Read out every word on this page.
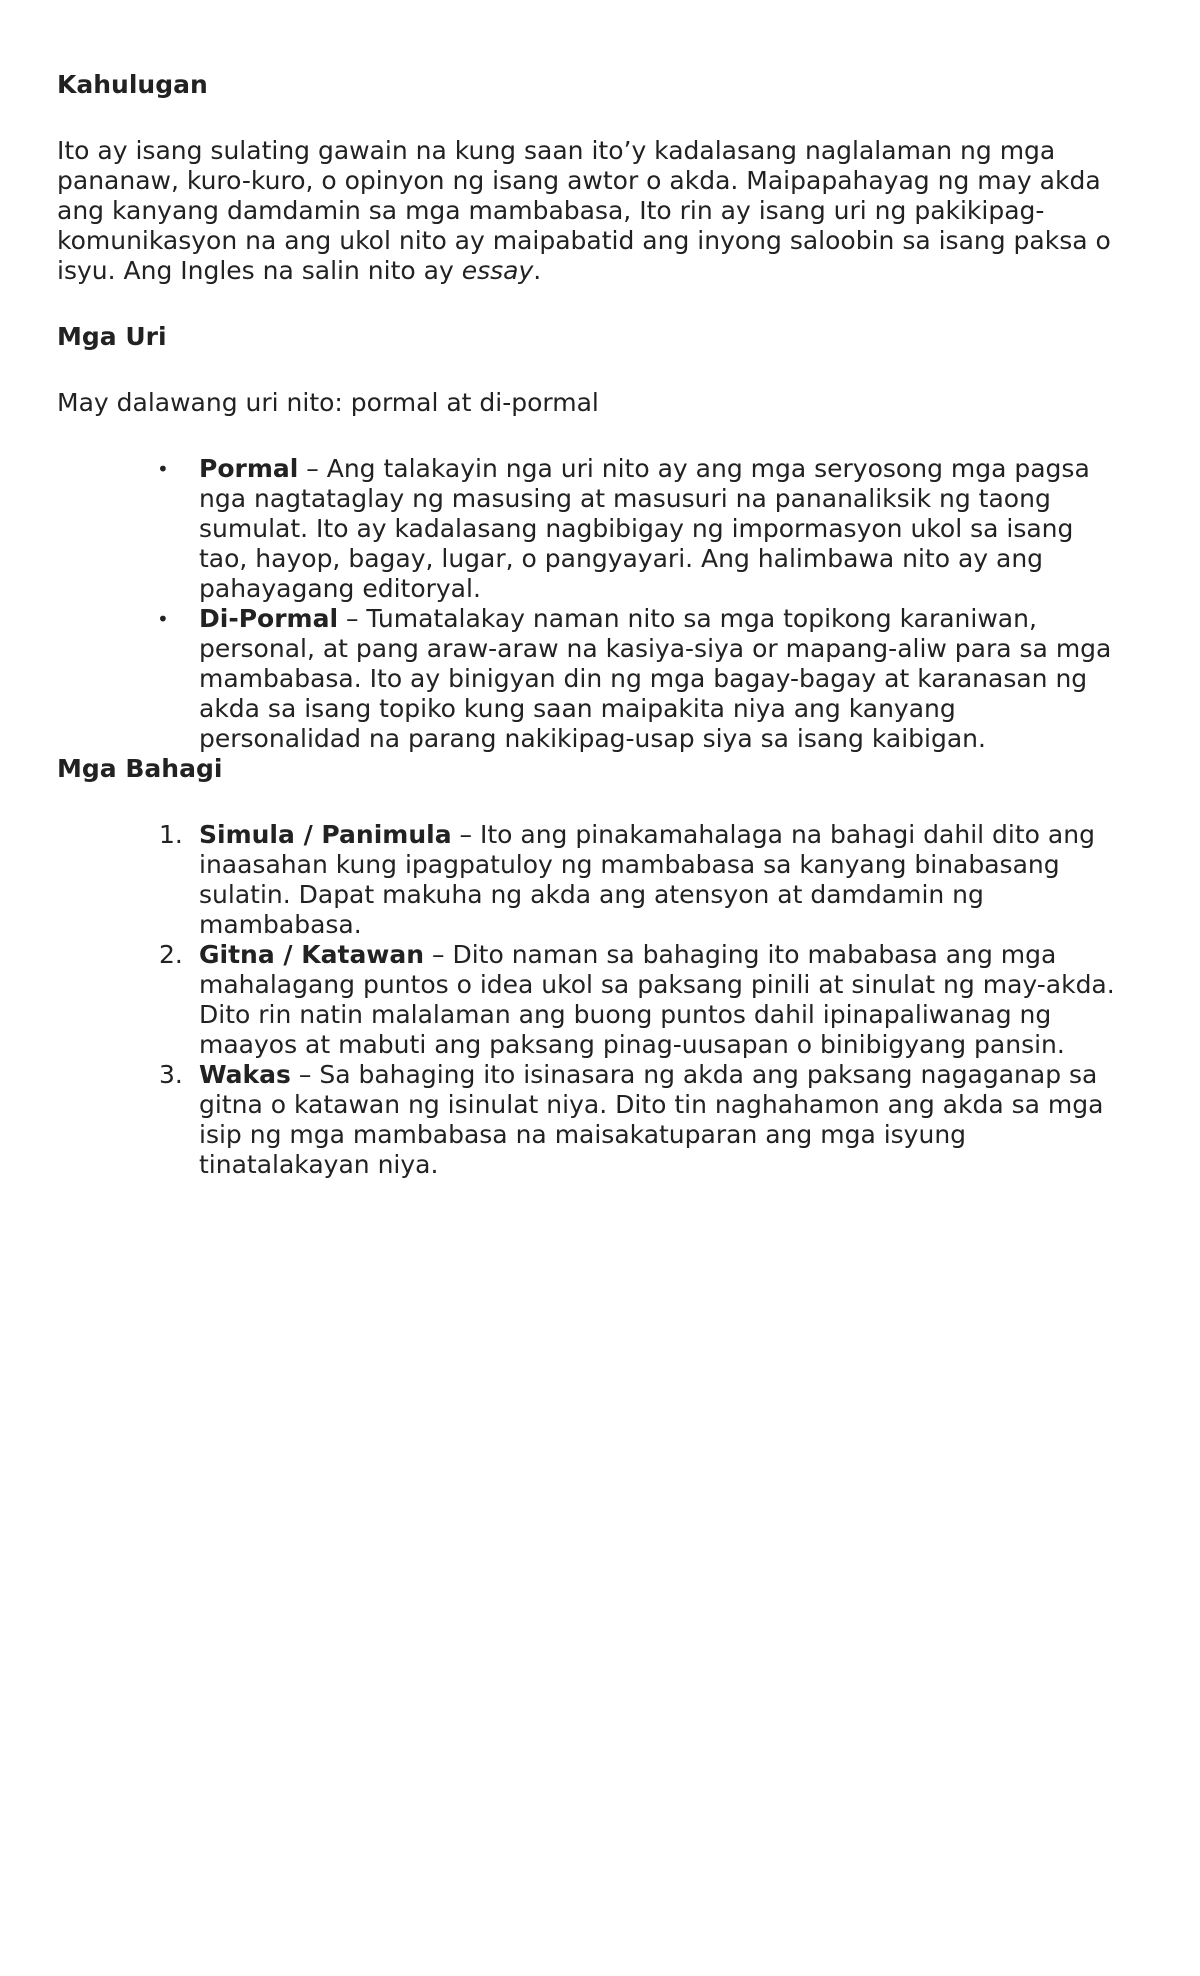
Kahulugan

Ito ay isang sulating gawain na kung saan ito’y kadalasang naglalaman ng mga pananaw, kuro-kuro, o opinyon ng isang awtor o akda. Maipapahayag ng may akda ang kanyang damdamin sa mga mambabasa, Ito rin ay isang uri ng pakikipag-komunikasyon na ang ukol nito ay maipabatid ang inyong saloobin sa isang paksa o isyu. Ang Ingles na salin nito ay essay.

Mga Uri

May dalawang uri nito: pormal at di-pormal

• Pormal – Ang talakayin nga uri nito ay ang mga seryosong mga pagsa nga nagtataglay ng masusing at masusuri na pananaliksik ng taong sumulat. Ito ay kadalasang nagbibigay ng impormasyon ukol sa isang tao, hayop, bagay, lugar, o pangyayari. Ang halimbawa nito ay ang pahayagang editoryal.
• Di-Pormal – Tumatalakay naman nito sa mga topikong karaniwan, personal, at pang araw-araw na kasiya-siya or mapang-aliw para sa mga mambabasa. Ito ay binigyan din ng mga bagay-bagay at karanasan ng akda sa isang topiko kung saan maipakita niya ang kanyang personalidad na parang nakikipag-usap siya sa isang kaibigan.
Mga Bahagi
1. Simula / Panimula – Ito ang pinakamahalaga na bahagi dahil dito ang inaasahan kung ipagpatuloy ng mambabasa sa kanyang binabasang sulatin. Dapat makuha ng akda ang atensyon at damdamin ng mambabasa.
2. Gitna / Katawan – Dito naman sa bahaging ito mababasa ang mga mahalagang puntos o idea ukol sa paksang pinili at sinulat ng may-akda. Dito rin natin malalaman ang buong puntos dahil ipinapaliwanag ng maayos at mabuti ang paksang pinag-uusapan o binibigyang pansin.
3. Wakas – Sa bahaging ito isinasara ng akda ang paksang nagaganap sa gitna o katawan ng isinulat niya. Dito tin naghahamon ang akda sa mga isip ng mga mambabasa na maisakatuparan ang mga isyung tinatalakayan niya.
